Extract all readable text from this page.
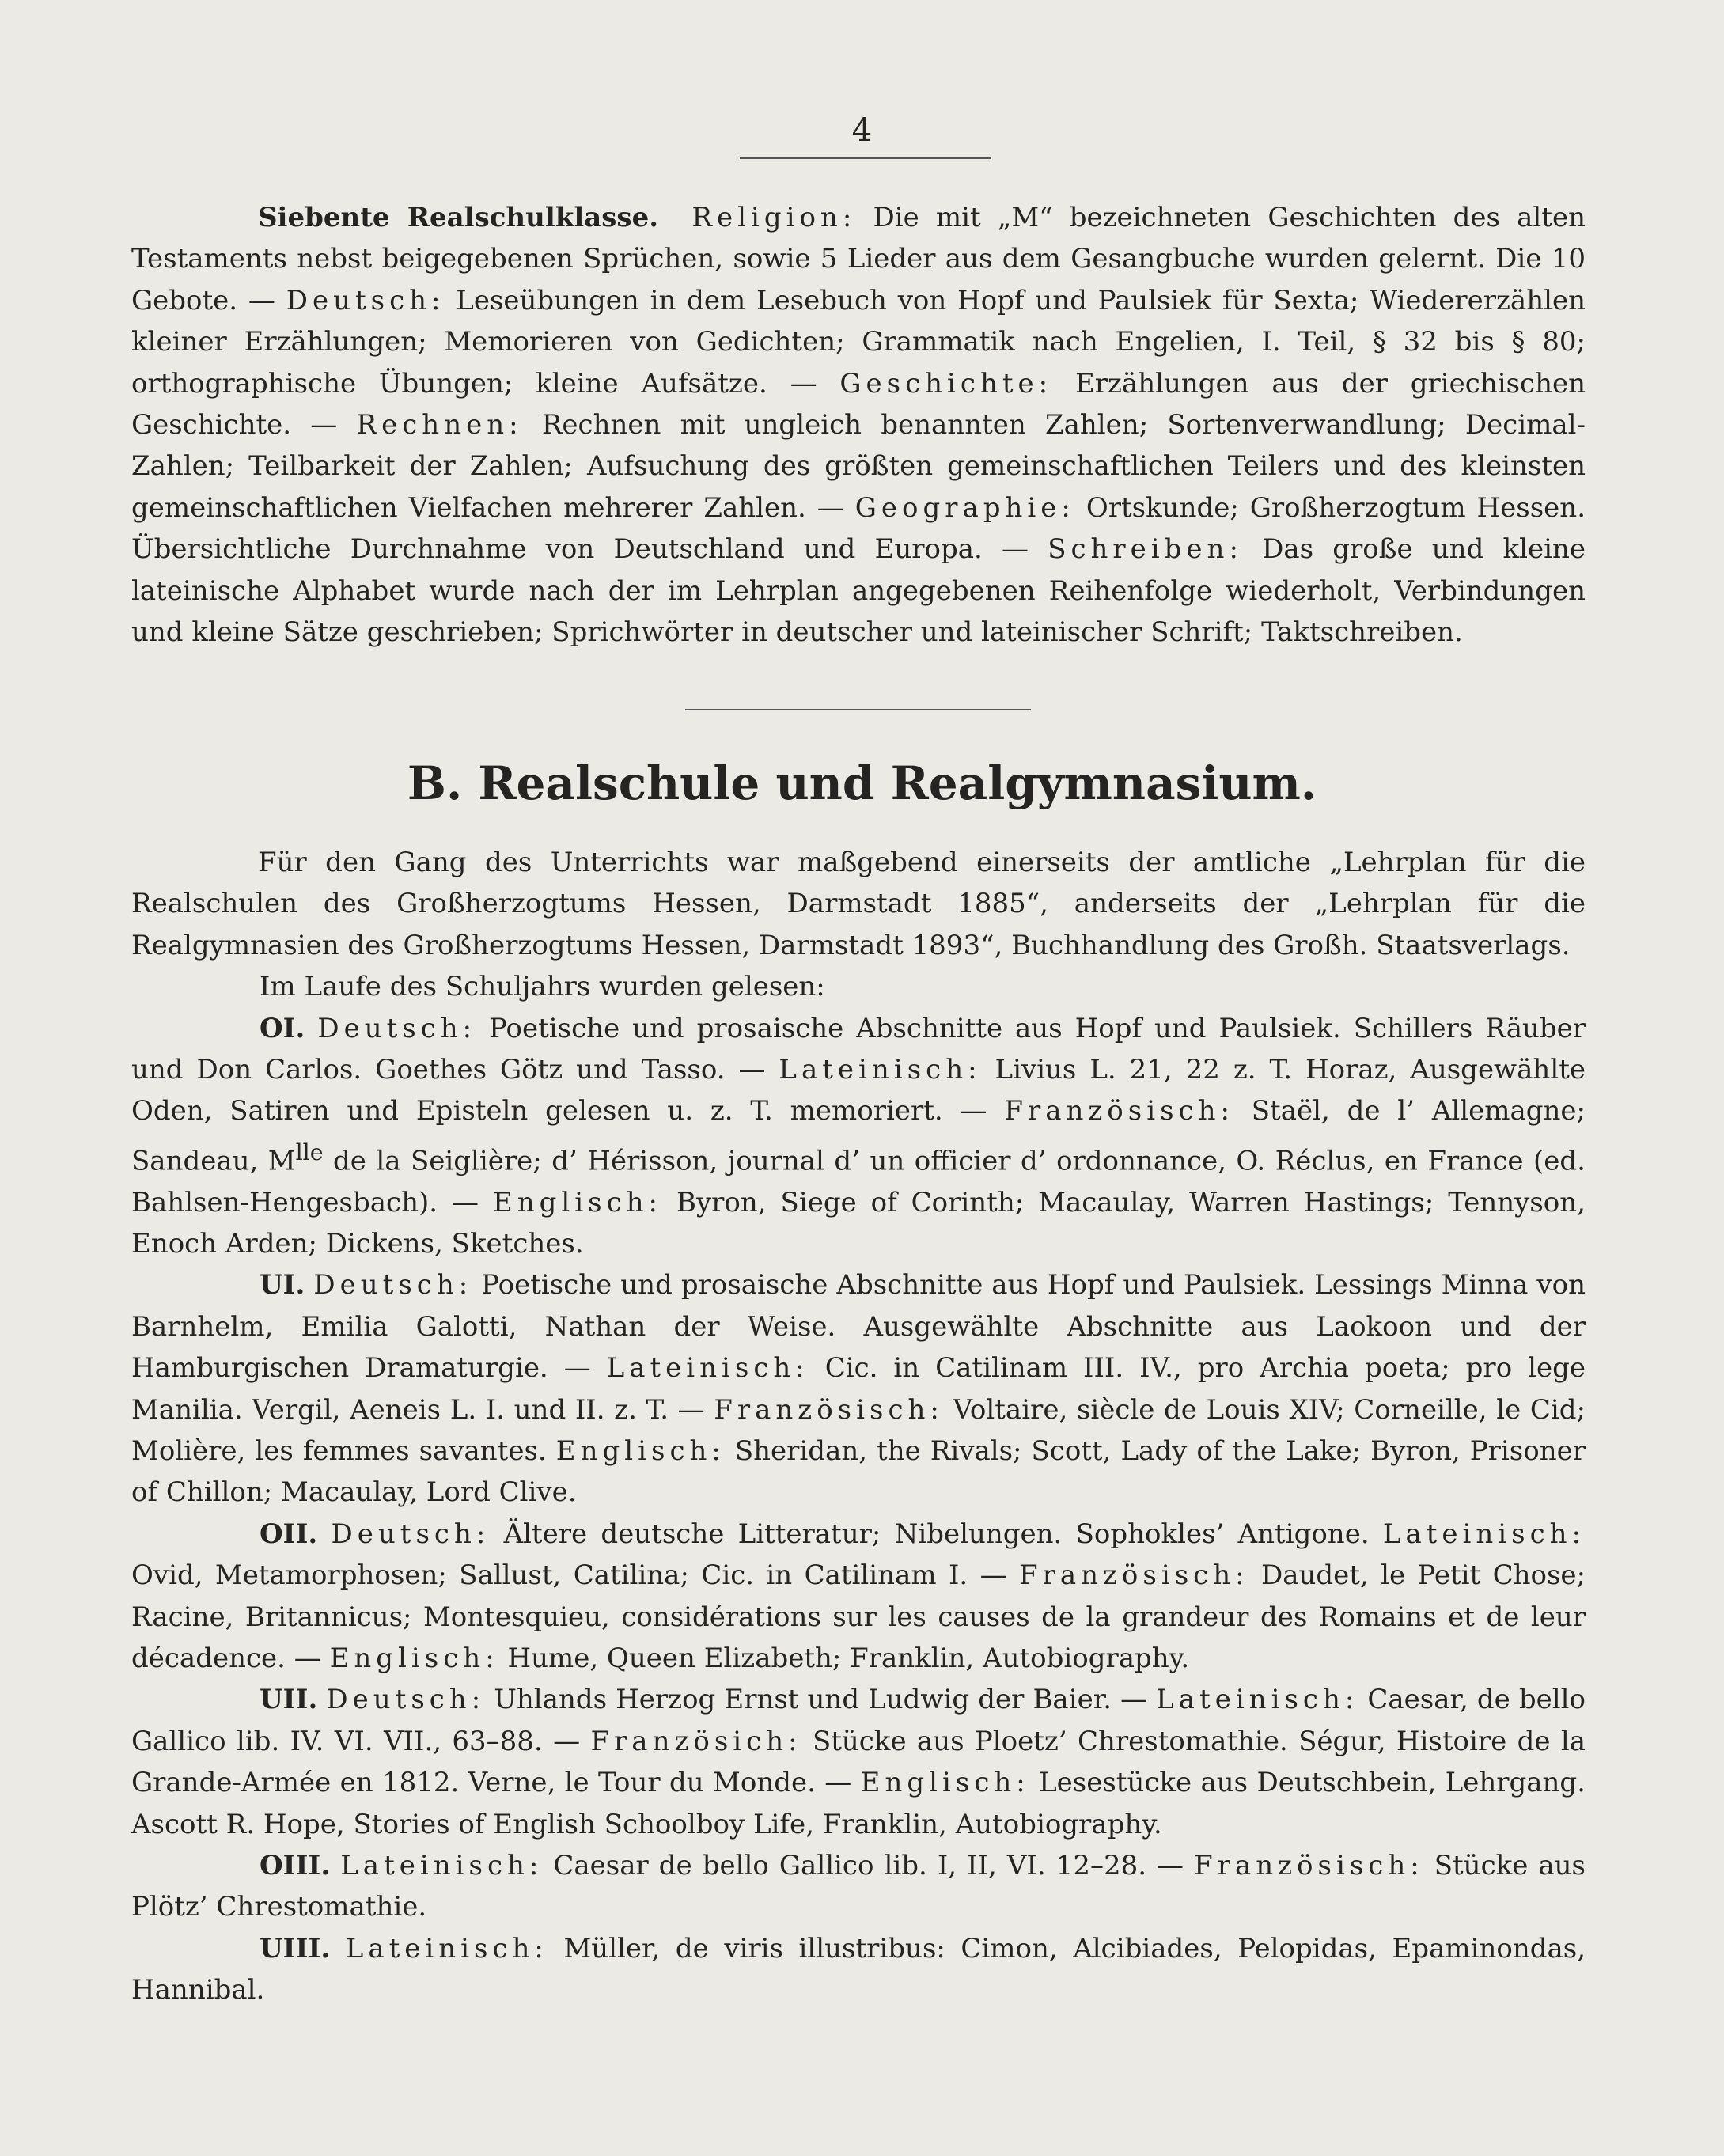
4

Siebente Realschulklasse. Religion: Die mit „M“ bezeichneten Geschichten des alten Testaments nebst beigegebenen Sprüchen, sowie 5 Lieder aus dem Gesangbuche wurden gelernt. Die 10 Gebote. — Deutsch: Leseübungen in dem Lesebuch von Hopf und Paulsiek für Sexta; Wiedererzählen kleiner Erzählungen; Memorieren von Gedichten; Grammatik nach Engelien, I. Teil, § 32 bis § 80; orthographische Übungen; kleine Aufsätze. — Geschichte: Erzählungen aus der griechischen Geschichte. — Rechnen: Rechnen mit ungleich benannten Zahlen; Sortenverwandlung; Decimal-Zahlen; Teilbarkeit der Zahlen; Aufsuchung des größten gemeinschaftlichen Teilers und des kleinsten gemeinschaftlichen Vielfachen mehrerer Zahlen. — Geographie: Ortskunde; Großherzogtum Hessen. Übersichtliche Durchnahme von Deutschland und Europa. — Schreiben: Das große und kleine lateinische Alphabet wurde nach der im Lehrplan angegebenen Reihenfolge wiederholt, Verbindungen und kleine Sätze geschrieben; Sprichwörter in deutscher und lateinischer Schrift; Taktschreiben.

B. Realschule und Realgymnasium.

Für den Gang des Unterrichts war maßgebend einerseits der amtliche „Lehrplan für die Realschulen des Großherzogtums Hessen, Darmstadt 1885“, anderseits der „Lehrplan für die Realgymnasien des Großherzogtums Hessen, Darmstadt 1893“, Buchhandlung des Großh. Staatsverlags.

Im Laufe des Schuljahrs wurden gelesen:

OI. Deutsch: Poetische und prosaische Abschnitte aus Hopf und Paulsiek. Schillers Räuber und Don Carlos. Goethes Götz und Tasso. — Lateinisch: Livius L. 21, 22 z. T. Horaz, Ausgewählte Oden, Satiren und Episteln gelesen u. z. T. memoriert. — Französisch: Staël, de l’ Allemagne; Sandeau, $M^{lle}$ de la Seiglière; d’ Hérisson, journal d’ un officier d’ ordonnance, O. Réclus, en France (ed. Bahlsen-Hengesbach). — Englisch: Byron, Siege of Corinth; Macaulay, Warren Hastings; Tennyson, Enoch Arden; Dickens, Sketches.

UI. Deutsch: Poetische und prosaische Abschnitte aus Hopf und Paulsiek. Lessings Minna von Barnhelm, Emilia Galotti, Nathan der Weise. Ausgewählte Abschnitte aus Laokoon und der Hamburgischen Dramaturgie. — Lateinisch: Cic. in Catilinam III. IV., pro Archia poeta; pro lege Manilia. Vergil, Aeneis L. I. und II. z. T. — Französisch: Voltaire, siècle de Louis XIV; Corneille, le Cid; Molière, les femmes savantes. Englisch: Sheridan, the Rivals; Scott, Lady of the Lake; Byron, Prisoner of Chillon; Macaulay, Lord Clive.

OII. Deutsch: Ältere deutsche Litteratur; Nibelungen. Sophokles’ Antigone. Lateinisch: Ovid, Metamorphosen; Sallust, Catilina; Cic. in Catilinam I. — Französisch: Daudet, le Petit Chose; Racine, Britannicus; Montesquieu, considérations sur les causes de la grandeur des Romains et de leur décadence. — Englisch: Hume, Queen Elizabeth; Franklin, Autobiography.

UII. Deutsch: Uhlands Herzog Ernst und Ludwig der Baier. — Lateinisch: Caesar, de bello Gallico lib. IV. VI. VII., 63–88. — Französich: Stücke aus Ploetz’ Chrestomathie. Ségur, Histoire de la Grande-Armée en 1812. Verne, le Tour du Monde. — Englisch: Lesestücke aus Deutschbein, Lehrgang. Ascott R. Hope, Stories of English Schoolboy Life, Franklin, Autobiography.

OIII. Lateinisch: Caesar de bello Gallico lib. I, II, VI. 12–28. — Französisch: Stücke aus Plötz’ Chrestomathie.

UIII. Lateinisch: Müller, de viris illustribus: Cimon, Alcibiades, Pelopidas, Epaminondas, Hannibal.
